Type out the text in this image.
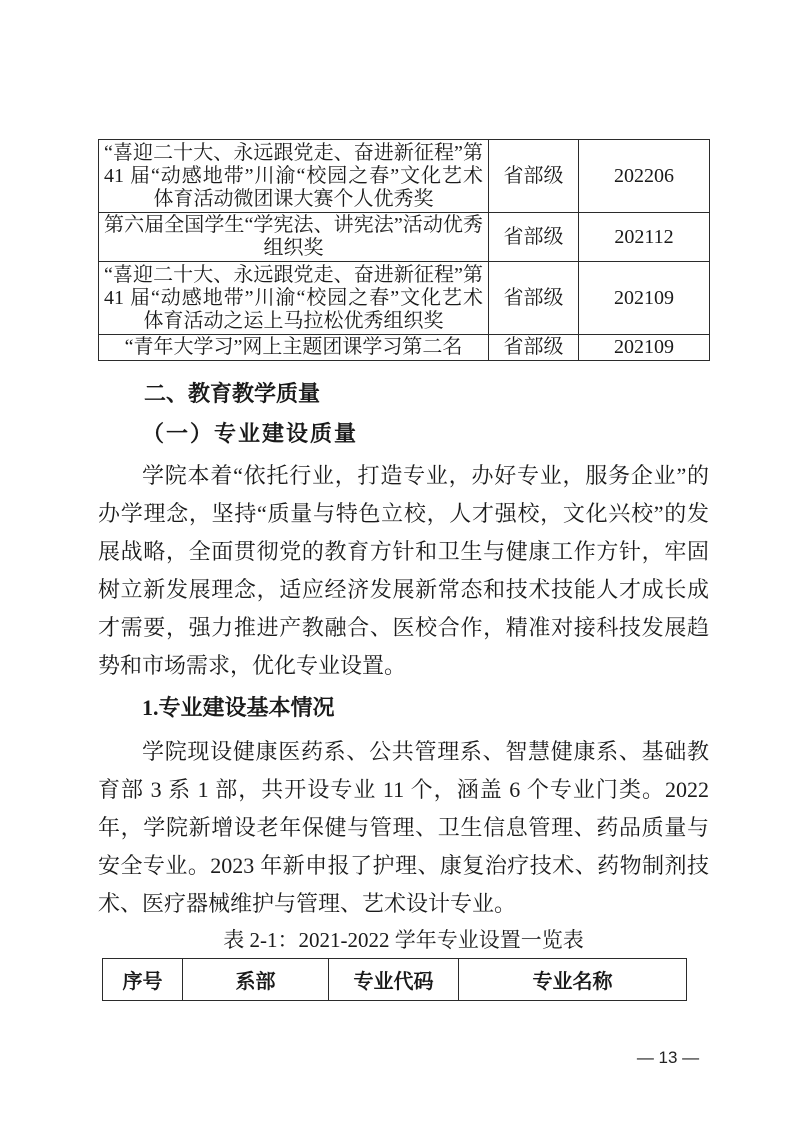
“喜迎二十大、永远跟党走、奋进新征程”第 41 届“动感地带”川渝“校园之春”文化艺术体育活动微团课大赛个人优秀奖	省部级	202206
第六届全国学生“学宪法、讲宪法”活动优秀组织奖	省部级	202112
“喜迎二十大、永远跟党走、奋进新征程”第 41 届“动感地带”川渝“校园之春”文化艺术体育活动之运上马拉松优秀组织奖	省部级	202109
“青年大学习”网上主题团课学习第二名	省部级	202109
二、教育教学质量
（一）专业建设质量

学院本着“依托行业，打造专业，办好专业，服务企业”的办学理念，坚持“质量与特色立校，人才强校，文化兴校”的发展战略，全面贯彻党的教育方针和卫生与健康工作方针，牢固树立新发展理念，适应经济发展新常态和技术技能人才成长成才需要，强力推进产教融合、医校合作，精准对接科技发展趋势和市场需求，优化专业设置。

1.专业建设基本情况

学院现设健康医药系、公共管理系、智慧健康系、基础教育部 3 系 1 部，共开设专业 11 个，涵盖 6 个专业门类。2022 年，学院新增设老年保健与管理、卫生信息管理、药品质量与安全专业。2023 年新申报了护理、康复治疗技术、药物制剂技术、医疗器械维护与管理、艺术设计专业。

表 2-1：2021-2022 学年专业设置一览表
序号	系部	专业代码	专业名称
— 13 —
